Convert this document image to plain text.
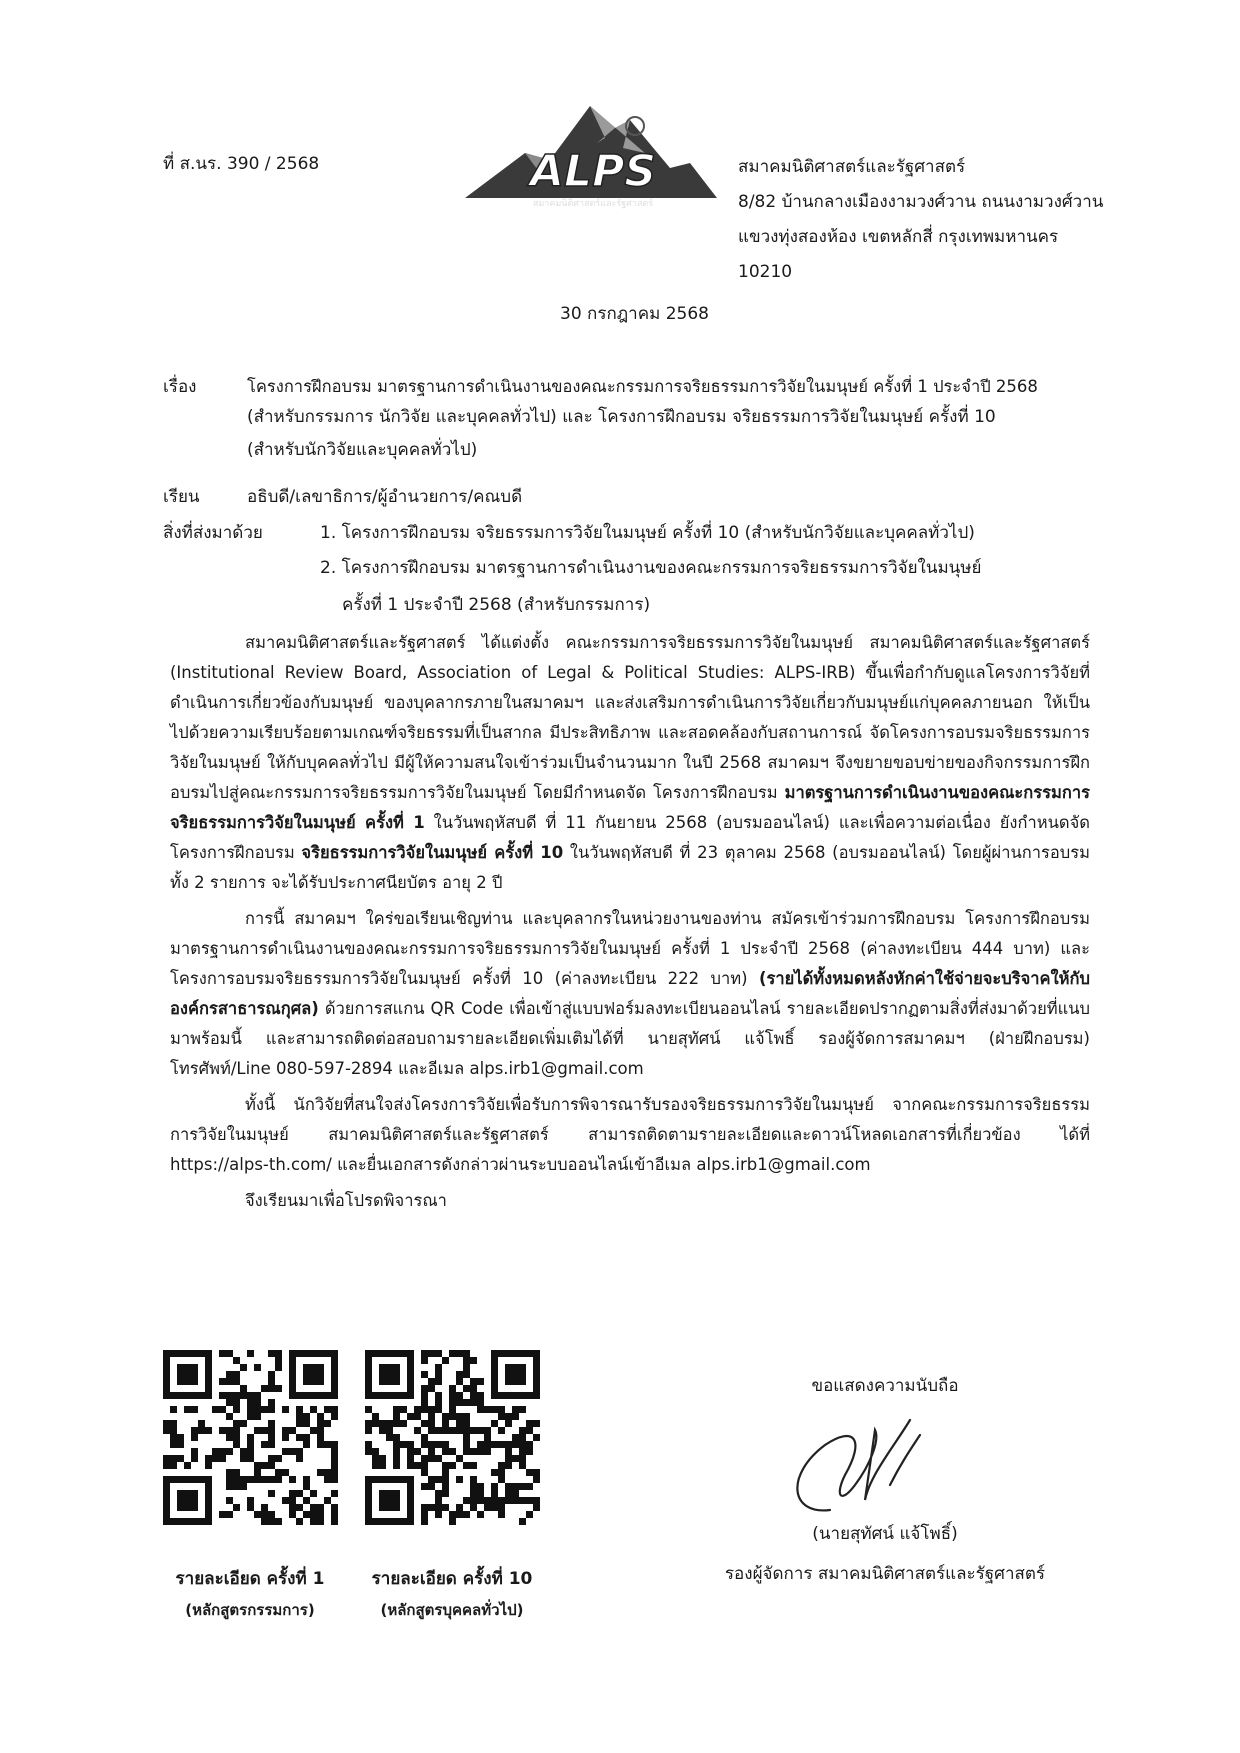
ที่ ส.นร. 390 / 2568	ALPS
สมาคมนิติศาสตร์และรัฐศาสตร์
สมาคมนิติศาสตร์และรัฐศาสตร์
8/82 บ้านกลางเมืองงามวงศ์วาน ถนนงามวงศ์วาน
แขวงทุ่งสองห้อง เขตหลักสี่ กรุงเทพมหานคร
10210
30 กรกฎาคม 2568
เรื่อง	โครงการฝึกอบรม มาตรฐานการดำเนินงานของคณะกรรมการจริยธรรมการวิจัยในมนุษย์ ครั้งที่ 1 ประจำปี 2568
(สำหรับกรรมการ นักวิจัย และบุคคลทั่วไป) และ โครงการฝึกอบรม จริยธรรมการวิจัยในมนุษย์ ครั้งที่ 10
(สำหรับนักวิจัยและบุคคลทั่วไป)
เรียน	อธิบดี/เลขาธิการ/ผู้อำนวยการ/คณบดี
สิ่งที่ส่งมาด้วย	1. โครงการฝึกอบรม จริยธรรมการวิจัยในมนุษย์ ครั้งที่ 10 (สำหรับนักวิจัยและบุคคลทั่วไป)
2. โครงการฝึกอบรม มาตรฐานการดำเนินงานของคณะกรรมการจริยธรรมการวิจัยในมนุษย์
ครั้งที่ 1 ประจำปี 2568 (สำหรับกรรมการ)

สมาคมนิติศาสตร์และรัฐศาสตร์ ได้แต่งตั้ง คณะกรรมการจริยธรรมการวิจัยในมนุษย์ สมาคมนิติศาสตร์และรัฐศาสตร์ (Institutional Review Board, Association of Legal & Political Studies: ALPS-IRB) ขึ้นเพื่อกำกับดูแลโครงการวิจัยที่ดำเนินการเกี่ยวข้องกับมนุษย์ ของบุคลากรภายในสมาคมฯ และส่งเสริมการดำเนินการวิจัยเกี่ยวกับมนุษย์แก่บุคคลภายนอก ให้เป็นไปด้วยความเรียบร้อยตามเกณฑ์จริยธรรมที่เป็นสากล มีประสิทธิภาพ และสอดคล้องกับสถานการณ์ จัดโครงการอบรมจริยธรรมการวิจัยในมนุษย์ ให้กับบุคคลทั่วไป มีผู้ให้ความสนใจเข้าร่วมเป็นจำนวนมาก ในปี 2568 สมาคมฯ จึงขยายขอบข่ายของกิจกรรมการฝึกอบรมไปสู่คณะกรรมการจริยธรรมการวิจัยในมนุษย์ โดยมีกำหนดจัด โครงการฝึกอบรม มาตรฐานการดำเนินงานของคณะกรรมการจริยธรรมการวิจัยในมนุษย์ ครั้งที่ 1 ในวันพฤหัสบดี ที่ 11 กันยายน 2568 (อบรมออนไลน์) และเพื่อความต่อเนื่อง ยังกำหนดจัดโครงการฝึกอบรม จริยธรรมการวิจัยในมนุษย์ ครั้งที่ 10 ในวันพฤหัสบดี ที่ 23 ตุลาคม 2568 (อบรมออนไลน์) โดยผู้ผ่านการอบรมทั้ง 2 รายการ จะได้รับประกาศนียบัตร อายุ 2 ปี

การนี้ สมาคมฯ ใคร่ขอเรียนเชิญท่าน และบุคลากรในหน่วยงานของท่าน สมัครเข้าร่วมการฝึกอบรม โครงการฝึกอบรม มาตรฐานการดำเนินงานของคณะกรรมการจริยธรรมการวิจัยในมนุษย์ ครั้งที่ 1 ประจำปี 2568 (ค่าลงทะเบียน 444 บาท) และโครงการอบรมจริยธรรมการวิจัยในมนุษย์ ครั้งที่ 10 (ค่าลงทะเบียน 222 บาท) (รายได้ทั้งหมดหลังหักค่าใช้จ่ายจะบริจาคให้กับองค์กรสาธารณกุศล) ด้วยการสแกน QR Code เพื่อเข้าสู่แบบฟอร์มลงทะเบียนออนไลน์ รายละเอียดปรากฏตามสิ่งที่ส่งมาด้วยที่แนบมาพร้อมนี้ และสามารถติดต่อสอบถามรายละเอียดเพิ่มเติมได้ที่ นายสุทัศน์ แจ้โพธิ์ รองผู้จัดการสมาคมฯ (ฝ่ายฝึกอบรม) โทรศัพท์/Line 080-597-2894 และอีเมล alps.irb1@gmail.com

ทั้งนี้ นักวิจัยที่สนใจส่งโครงการวิจัยเพื่อรับการพิจารณารับรองจริยธรรมการวิจัยในมนุษย์ จากคณะกรรมการจริยธรรมการวิจัยในมนุษย์ สมาคมนิติศาสตร์และรัฐศาสตร์ สามารถติดตามรายละเอียดและดาวน์โหลดเอกสารที่เกี่ยวข้อง ได้ที่ https://alps-th.com/ และยื่นเอกสารดังกล่าวผ่านระบบออนไลน์เข้าอีเมล alps.irb1@gmail.com

จึงเรียนมาเพื่อโปรดพิจารณา

รายละเอียด ครั้งที่ 1
(หลักสูตรกรรมการ)
รายละเอียด ครั้งที่ 10
(หลักสูตรบุคคลทั่วไป)
ขอแสดงความนับถือ
(นายสุทัศน์ แจ้โพธิ์)
รองผู้จัดการ สมาคมนิติศาสตร์และรัฐศาสตร์
